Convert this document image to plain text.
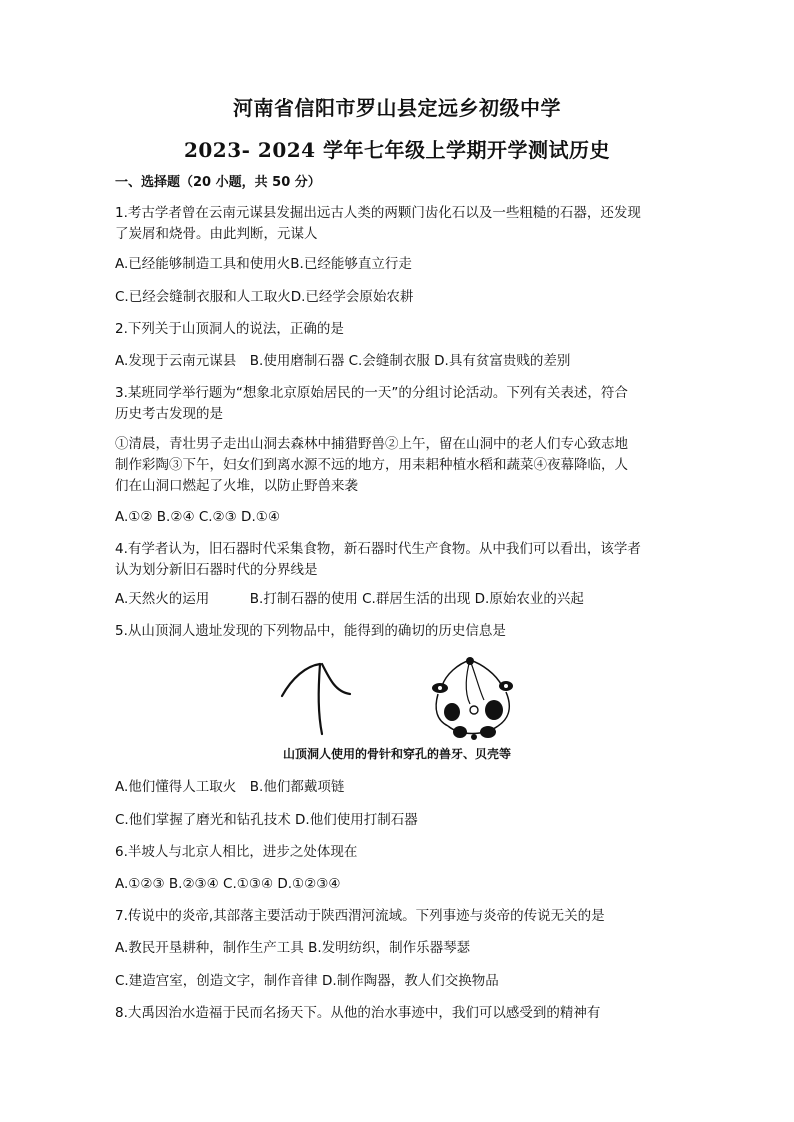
河南省信阳市罗山县定远乡初级中学
2023- 2024 学年七年级上学期开学测试历史
一、选择题（20 小题，共 50 分）
1.考古学者曾在云南元谋县发掘出远古人类的两颗门齿化石以及一些粗糙的石器，还发现
了炭屑和烧骨。由此判断，元谋人
A.已经能够制造工具和使用火B.已经能够直立行走
C.已经会缝制衣服和人工取火D.已经学会原始农耕
2.下列关于山顶洞人的说法，正确的是
A.发现于云南元谋县　B.使用磨制石器 C.会缝制衣服 D.具有贫富贵贱的差别
3.某班同学举行题为“想象北京原始居民的一天”的分组讨论活动。下列有关表述，符合
历史考古发现的是
①清晨，青壮男子走出山洞去森林中捕猎野兽②上午，留在山洞中的老人们专心致志地
制作彩陶③下午，妇女们到离水源不远的地方，用耒耜种植水稻和蔬菜④夜幕降临，人
们在山洞口燃起了火堆，以防止野兽来袭
A.①② B.②④ C.②③ D.①④
4.有学者认为，旧石器时代采集食物，新石器时代生产食物。从中我们可以看出，该学者
认为划分新旧石器时代的分界线是
A.天然火的运用　　　B.打制石器的使用 C.群居生活的出现 D.原始农业的兴起
5.从山顶洞人遗址发现的下列物品中，能得到的确切的历史信息是
山顶洞人使用的骨针和穿孔的兽牙、贝壳等
A.他们懂得人工取火　B.他们都戴项链
C.他们掌握了磨光和钻孔技术 D.他们使用打制石器
6.半坡人与北京人相比，进步之处体现在
A.①②③ B.②③④ C.①③④ D.①②③④
7.传说中的炎帝,其部落主要活动于陕西渭河流域。下列事迹与炎帝的传说无关的是
A.教民开垦耕种，制作生产工具 B.发明纺织，制作乐器琴瑟
C.建造宫室，创造文字，制作音律 D.制作陶器，教人们交换物品
8.大禹因治水造福于民而名扬天下。从他的治水事迹中，我们可以感受到的精神有
